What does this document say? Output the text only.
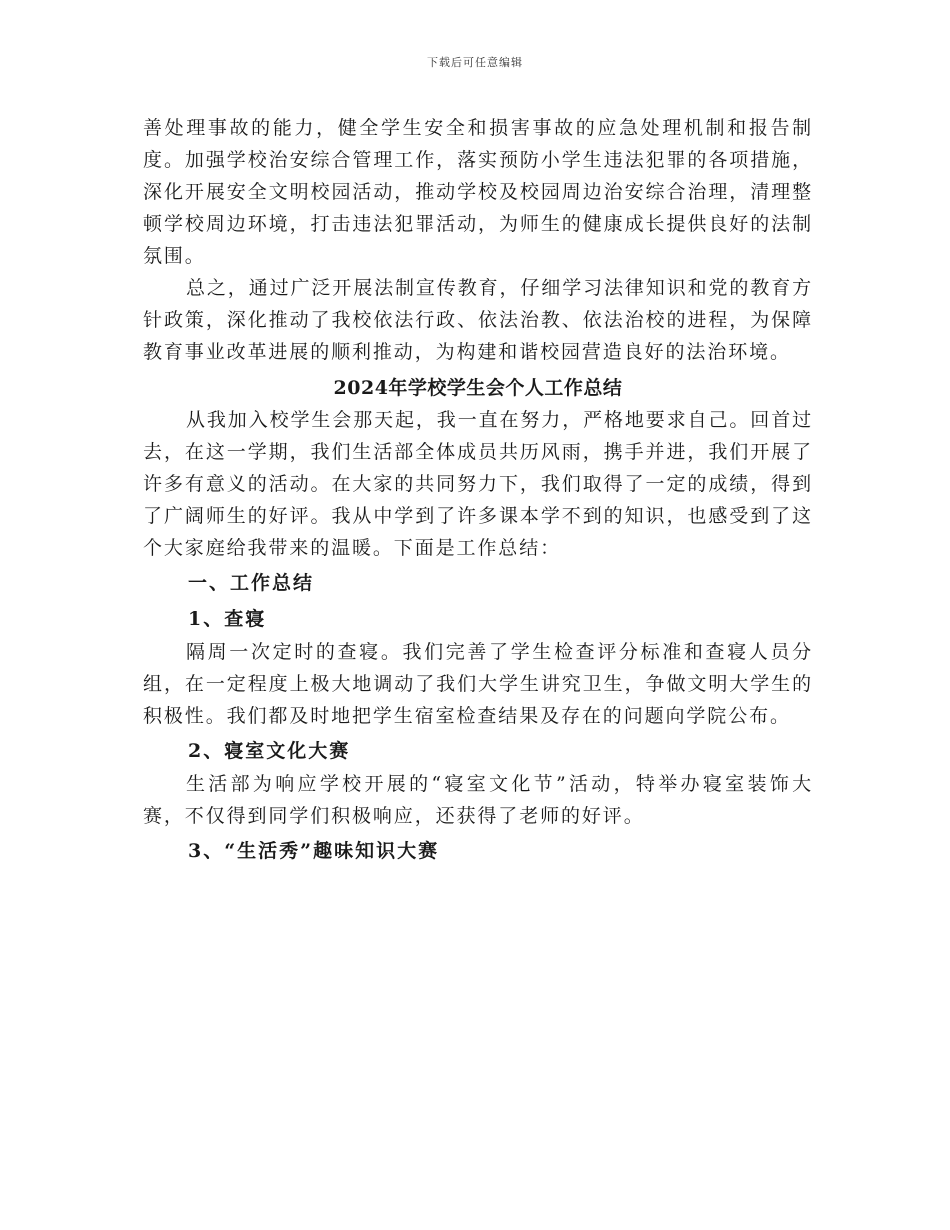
下载后可任意编辑

善处理事故的能力，健全学生安全和损害事故的应急处理机制和报告制度。加强学校治安综合管理工作，落实预防小学生违法犯罪的各项措施，深化开展安全文明校园活动，推动学校及校园周边治安综合治理，清理整顿学校周边环境，打击违法犯罪活动，为师生的健康成长提供良好的法制氛围。

总之，通过广泛开展法制宣传教育，仔细学习法律知识和党的教育方针政策，深化推动了我校依法行政、依法治教、依法治校的进程，为保障教育事业改革进展的顺利推动，为构建和谐校园营造良好的法治环境。

2024年学校学生会个人工作总结

从我加入校学生会那天起，我一直在努力，严格地要求自己。回首过去，在这一学期，我们生活部全体成员共历风雨，携手并进，我们开展了许多有意义的活动。在大家的共同努力下，我们取得了一定的成绩，得到了广阔师生的好评。我从中学到了许多课本学不到的知识，也感受到了这个大家庭给我带来的温暖。下面是工作总结：

一、工作总结

1、查寝

隔周一次定时的查寝。我们完善了学生检查评分标准和查寝人员分组，在一定程度上极大地调动了我们大学生讲究卫生，争做文明大学生的积极性。我们都及时地把学生宿室检查结果及存在的问题向学院公布。

2、寝室文化大赛

生活部为响应学校开展的“寝室文化节”活动，特举办寝室装饰大赛，不仅得到同学们积极响应，还获得了老师的好评。

3、“生活秀”趣味知识大赛
